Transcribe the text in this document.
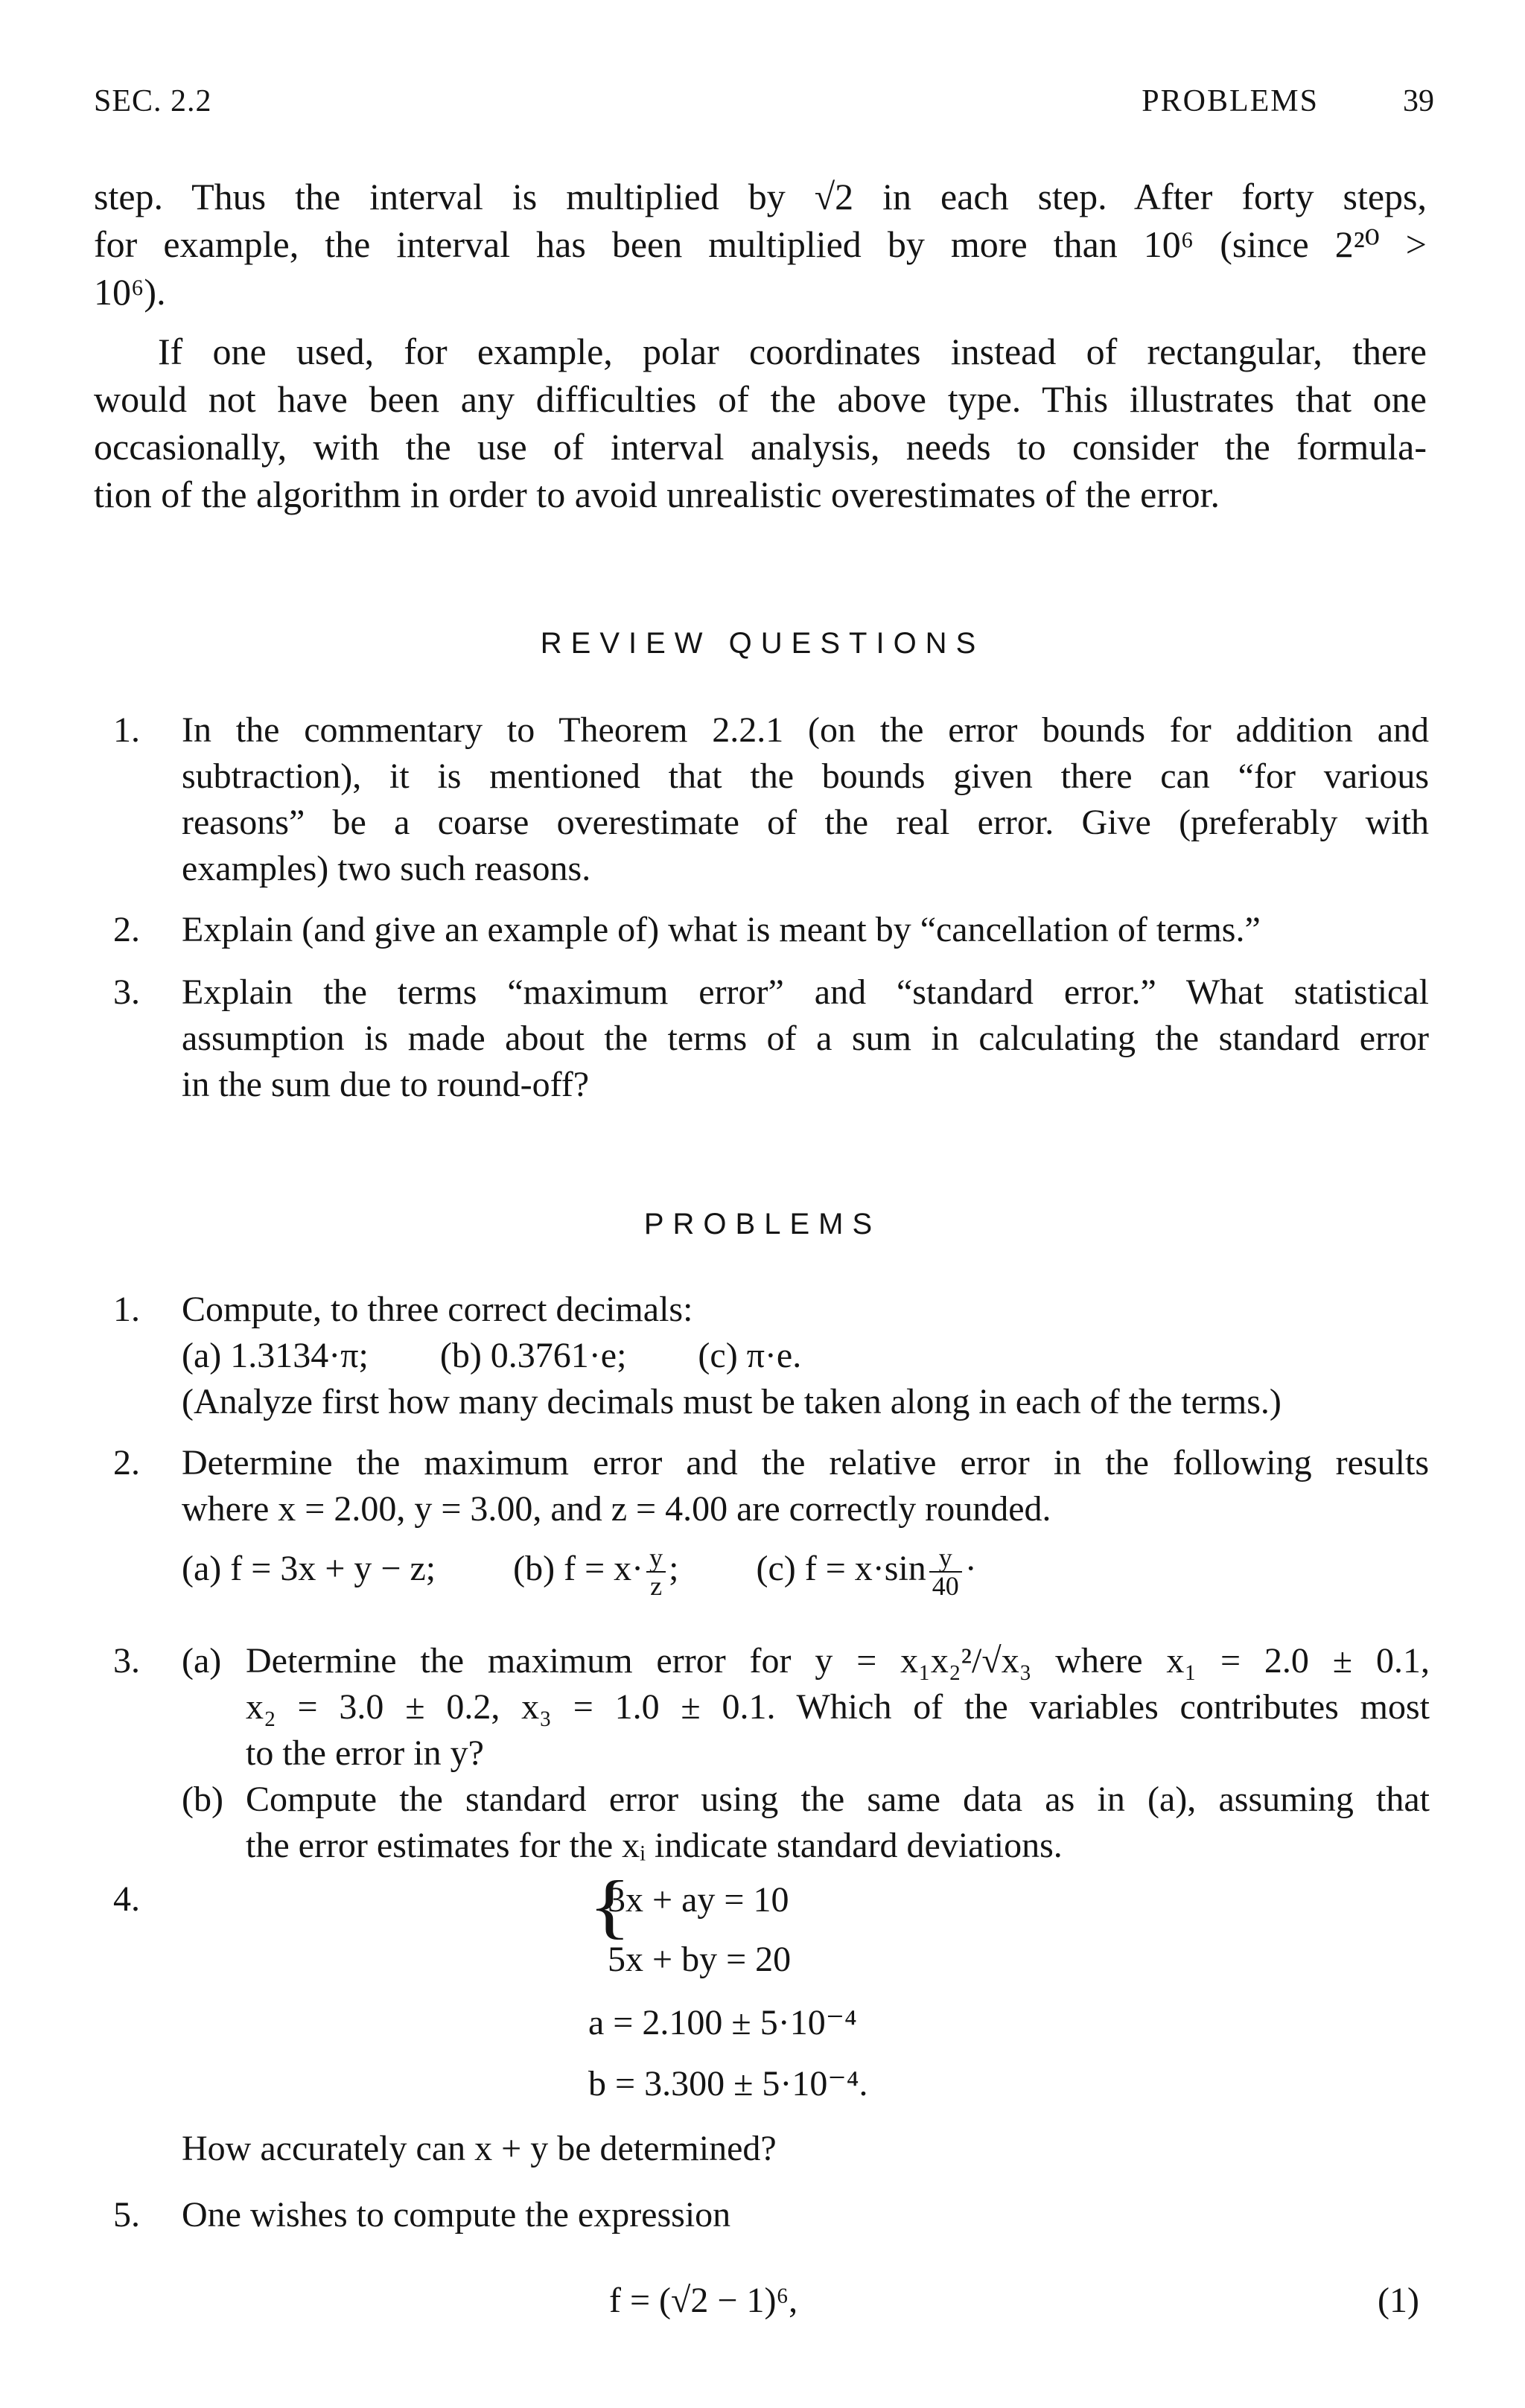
SEC. 2.2	PROBLEMS	39
step. Thus the interval is multiplied by √2 in each step. After forty steps,
for example, the interval has been multiplied by more than 10⁶ (since 2²⁰ >
10⁶).
If one used, for example, polar coordinates instead of rectangular, there
would not have been any difficulties of the above type. This illustrates that one
occasionally, with the use of interval analysis, needs to consider the formula-
tion of the algorithm in order to avoid unrealistic overestimates of the error.
REVIEW QUESTIONS
1. In the commentary to Theorem 2.2.1 (on the error bounds for addition and
subtraction), it is mentioned that the bounds given there can “for various
reasons” be a coarse overestimate of the real error. Give (preferably with
examples) two such reasons.
2. Explain (and give an example of) what is meant by “cancellation of terms.”
3. Explain the terms “maximum error” and “standard error.” What statistical
assumption is made about the terms of a sum in calculating the standard error
in the sum due to round-off?
PROBLEMS
1. Compute, to three correct decimals:
(a) 1.3134·π; (b) 0.3761·e; (c) π·e.
(Analyze first how many decimals must be taken along in each of the terms.)
2. Determine the maximum error and the relative error in the following results
where x = 2.00, y = 3.00, and z = 4.00 are correctly rounded.
(a) f = 3x + y − z; (b) $f = x\cdot \frac{y}{z}$ ; (c) $f = x\cdot\sin \frac{y}{40}$ ·
3. (a) Determine the maximum error for y = x₁x₂²/√x₃ where x₁ = 2.0 ± 0.1,
x₂ = 3.0 ± 0.2, x₃ = 1.0 ± 0.1. Which of the variables contributes most
to the error in y?
(b) Compute the standard error using the same data as in (a), assuming that
the error estimates for the xᵢ indicate standard deviations.
4.	{
3x + ay = 10
5x + by = 20
a = 2.100 ± 5·10⁻⁴
b = 3.300 ± 5·10⁻⁴.
How accurately can x + y be determined?
5. One wishes to compute the expression
f = (√2 − 1)⁶,	(1)
